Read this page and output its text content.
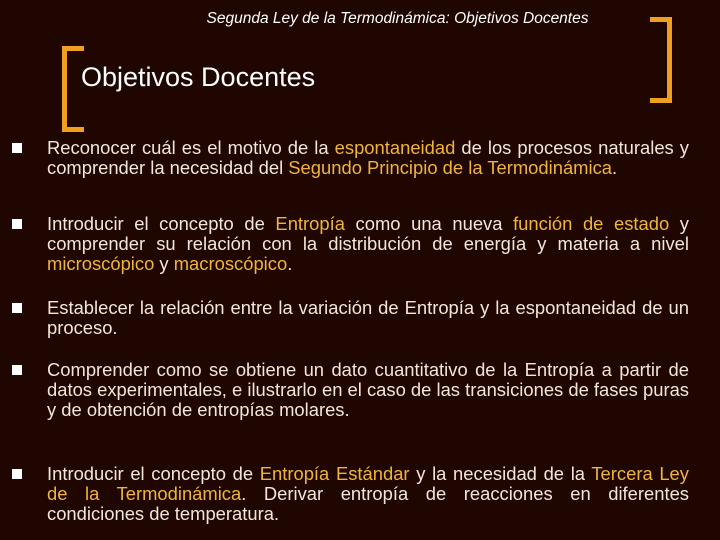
Segunda Ley de la Termodinámica: Objetivos Docentes
Objetivos Docentes
Reconocer cuál es el motivo de la espontaneidad de los procesos naturales y comprender la necesidad del Segundo Principio de la Termodinámica.
Introducir el concepto de Entropía como una nueva función de estado y comprender su relación con la distribución de energía y materia a nivel microscópico y macroscópico.
Establecer la relación entre la variación de Entropía y la espontaneidad de un proceso.
Comprender como se obtiene un dato cuantitativo de la Entropía a partir de datos experimentales, e ilustrarlo en el caso de las transiciones de fases puras y de obtención de entropías molares.
Introducir el concepto de Entropía Estándar y la necesidad de la Tercera Ley de la Termodinámica. Derivar entropía de reacciones en diferentes condiciones de temperatura.
